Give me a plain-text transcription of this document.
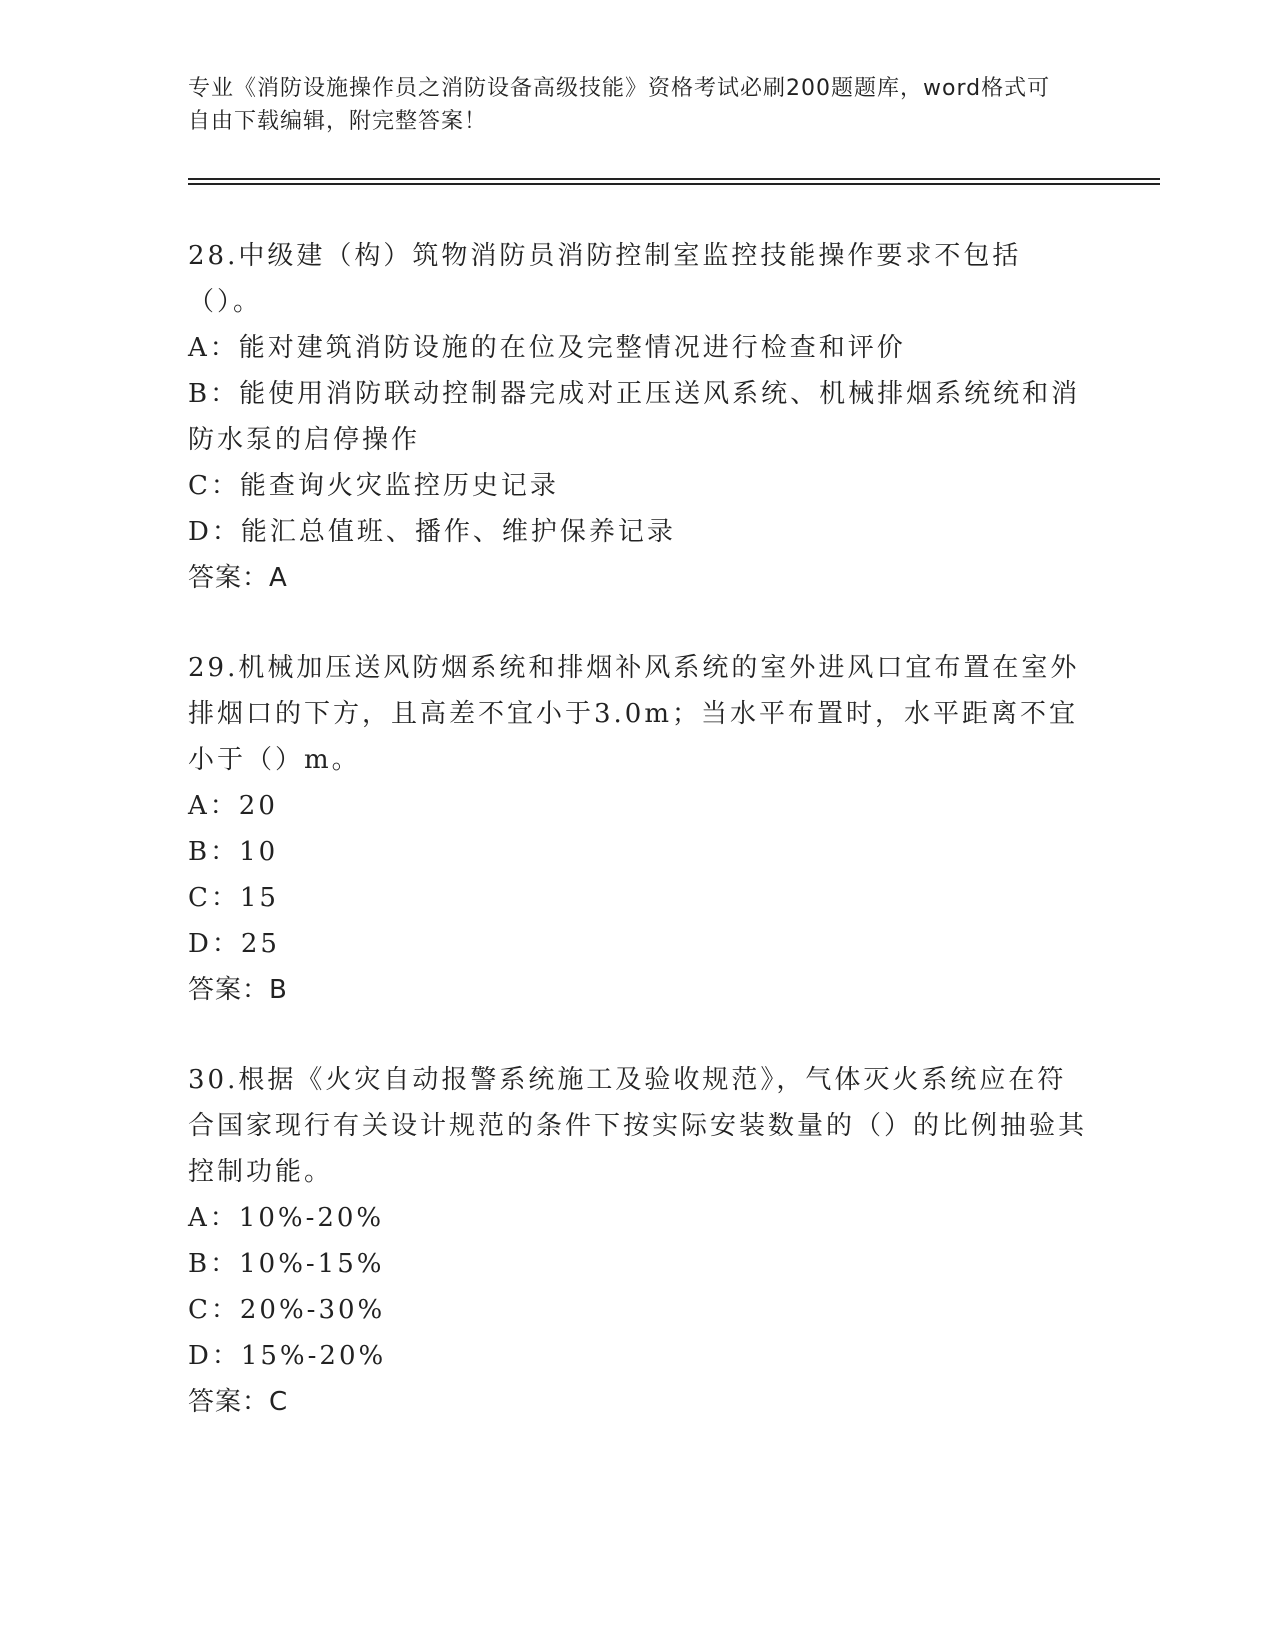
专业《消防设施操作员之消防设备高级技能》资格考试必刷200题题库，word格式可自由下载编辑，附完整答案！

28.中级建（构）筑物消防员消防控制室监控技能操作要求不包括（）。

A：能对建筑消防设施的在位及完整情况进行检查和评价

B：能使用消防联动控制器完成对正压送风系统、机械排烟系统统和消防水泵的启停操作

C：能查询火灾监控历史记录

D：能汇总值班、播作、维护保养记录

答案：A

29.机械加压送风防烟系统和排烟补风系统的室外进风口宜布置在室外排烟口的下方，且高差不宜小于3.0m；当水平布置时，水平距离不宜小于（）m。

A：20

B：10

C：15

D：25

答案：B

30.根据《火灾自动报警系统施工及验收规范》，气体灭火系统应在符合国家现行有关设计规范的条件下按实际安装数量的（）的比例抽验其控制功能。

A：10%-20%

B：10%-15%

C：20%-30%

D：15%-20%

答案：C
